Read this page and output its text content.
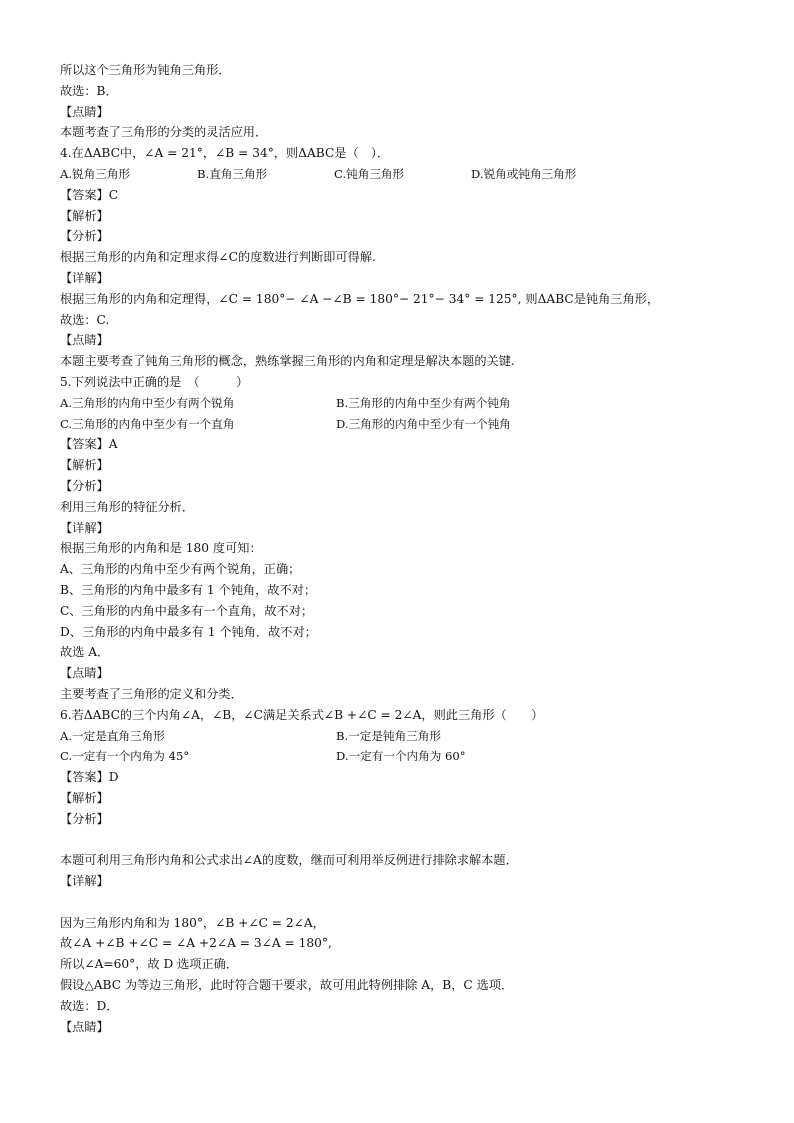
所以这个三角形为钝角三角形．
故选：B．
【点睛】
本题考查了三角形的分类的灵活应用．
4.在ΔABC中，∠A = 21°，∠B = 34°，则ΔABC是（　）．
A.锐角三角形	B.直角三角形	C.钝角三角形	D.锐角或钝角三角形
【答案】C
【解析】
【分析】
根据三角形的内角和定理求得∠C的度数进行判断即可得解.
【详解】
根据三角形的内角和定理得，∠C = 180°− ∠A −∠B = 180°− 21°− 34° = 125°, 则ΔABC是钝角三角形，
故选：C.
【点睛】
本题主要考查了钝角三角形的概念，熟练掌握三角形的内角和定理是解决本题的关键.
5.下列说法中正确的是　（　　　）
A.三角形的内角中至少有两个锐角	B.三角形的内角中至少有两个钝角
C.三角形的内角中至少有一个直角	D.三角形的内角中至少有一个钝角
【答案】A
【解析】
【分析】
利用三角形的特征分析．
【详解】
根据三角形的内角和是 180 度可知：
A、三角形的内角中至少有两个锐角，正确；
B、三角形的内角中最多有 1 个钝角，故不对；
C、三角形的内角中最多有一个直角，故不对；
D、三角形的内角中最多有 1 个钝角．故不对；
故选 A．
【点睛】
主要考查了三角形的定义和分类．
6.若ΔABC的三个内角∠A，∠B，∠C满足关系式∠B +∠C = 2∠A，则此三角形（　　）
A.一定是直角三角形	B.一定是钝角三角形
C.一定有一个内角为 45°	D.一定有一个内角为 60°
【答案】D
【解析】
【分析】
本题可利用三角形内角和公式求出∠A的度数，继而可利用举反例进行排除求解本题．
【详解】
因为三角形内角和为 180°，∠B +∠C = 2∠A，
故∠A +∠B +∠C = ∠A +2∠A = 3∠A = 180°,
所以∠A=60°，故 D 选项正确．
假设△ABC 为等边三角形，此时符合题干要求，故可用此特例排除 A，B，C 选项．
故选：D．
【点睛】
